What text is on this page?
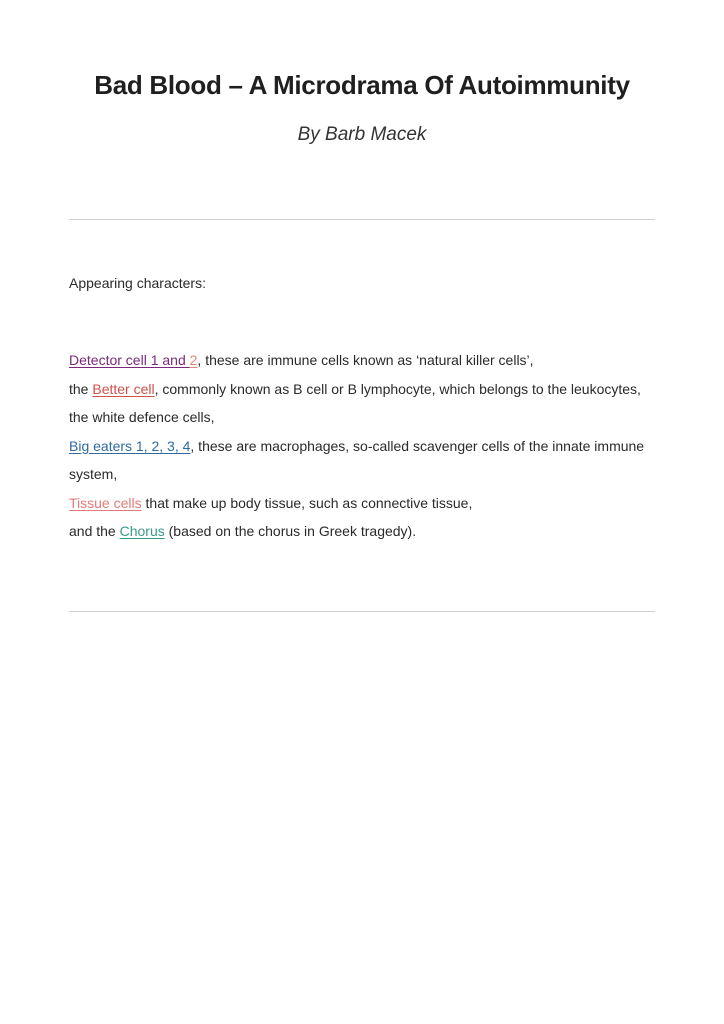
Bad Blood – A Microdrama Of Autoimmunity

By Barb Macek

Appearing characters:

Detector cell 1 and 2, these are immune cells known as ‘natural killer cells’,
the Better cell, commonly known as B cell or B lymphocyte, which belongs to the leukocytes, the white defence cells,
Big eaters 1, 2, 3, 4, these are macrophages, so-called scavenger cells of the innate immune system,
Tissue cells that make up body tissue, such as connective tissue,
and the Chorus (based on the chorus in Greek tragedy).
